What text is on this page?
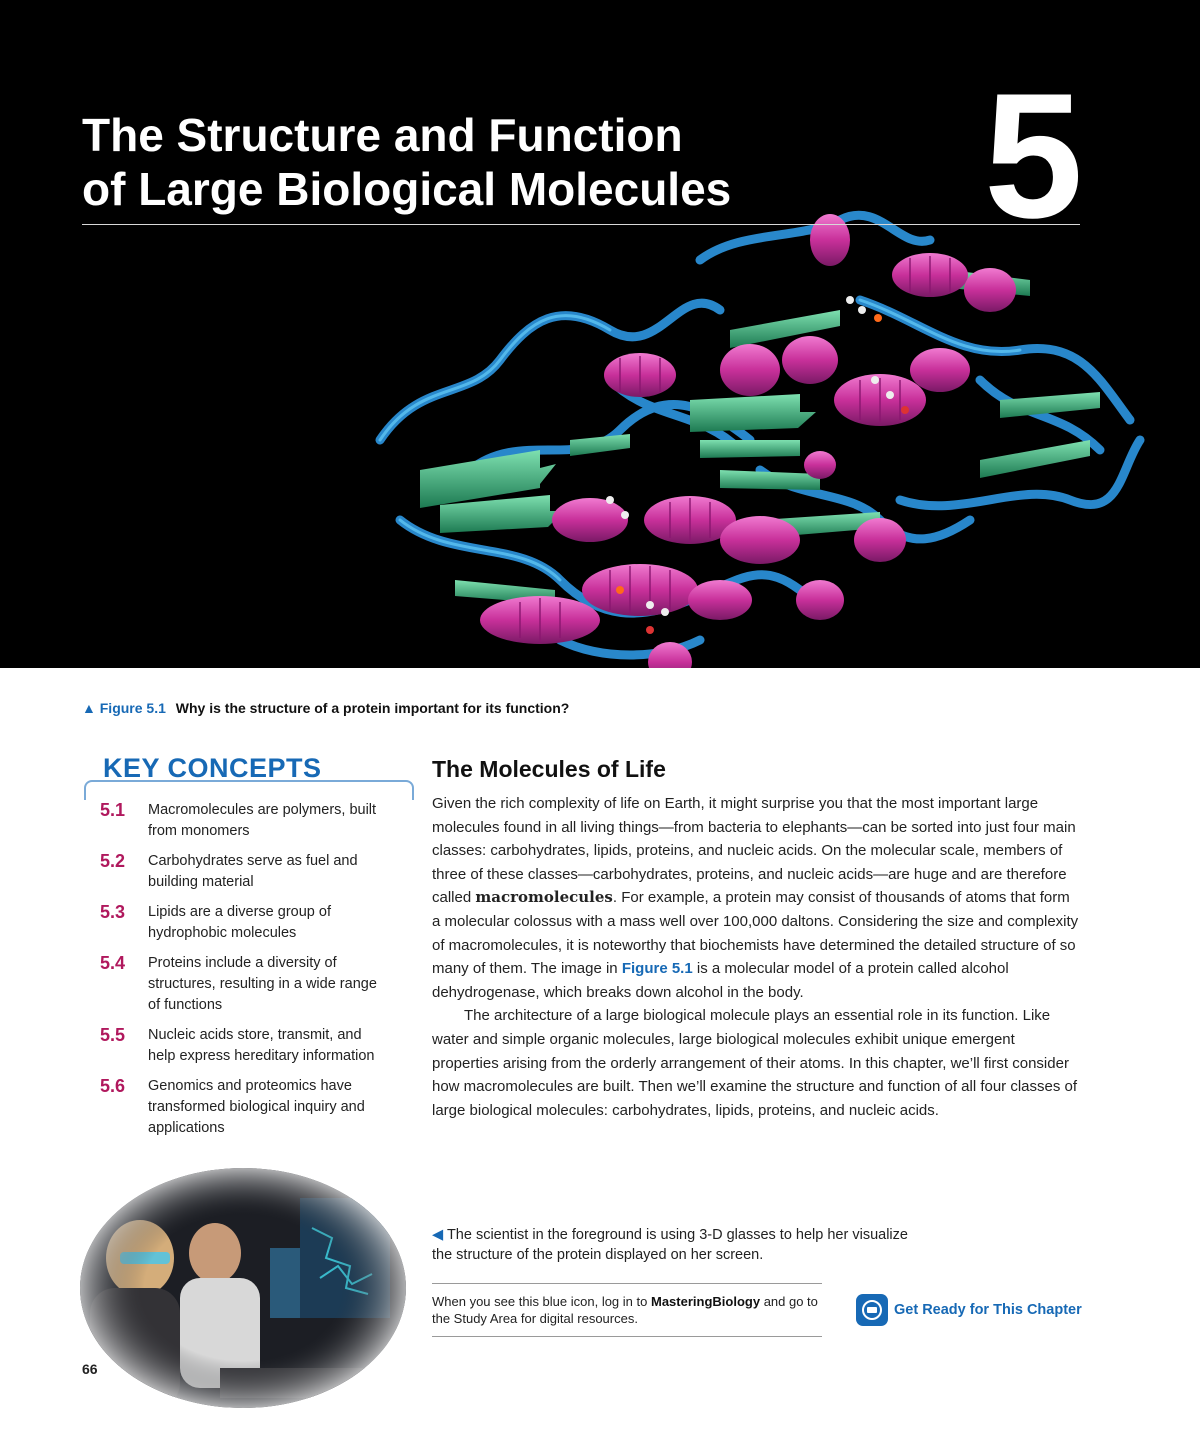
The Structure and Function
of Large Biological Molecules 5
▲ Figure 5.1 Why is the structure of a protein important for its function?
KEY CONCEPTS
5.1	Macromolecules are polymers, built from monomers
5.2	Carbohydrates serve as fuel and building material
5.3	Lipids are a diverse group of hydrophobic molecules
5.4	Proteins include a diversity of structures, resulting in a wide range of functions
5.5	Nucleic acids store, transmit, and help express hereditary information
5.6	Genomics and proteomics have transformed biological inquiry and applications
66
The Molecules of Life

Given the rich complexity of life on Earth, it might surprise you that the most important large molecules found in all living things—from bacteria to elephants—can be sorted into just four main classes: carbohydrates, lipids, proteins, and nucleic acids. On the molecular scale, members of three of these classes—carbohydrates, proteins, and nucleic acids—are huge and are therefore called macromolecules. For example, a protein may consist of thousands of atoms that form a molecular colossus with a mass well over 100,000 daltons. Considering the size and complexity of macromolecules, it is noteworthy that biochemists have determined the detailed structure of so many of them. The image in Figure 5.1 is a molecular model of a protein called alcohol dehydrogenase, which breaks down alcohol in the body.

The architecture of a large biological molecule plays an essential role in its function. Like water and simple organic molecules, large biological molecules exhibit unique emergent properties arising from the orderly arrangement of their atoms. In this chapter, we’ll first consider how macromolecules are built. Then we’ll examine the structure and function of all four classes of large biological molecules: carbohydrates, lipids, proteins, and nucleic acids.

◀ The scientist in the foreground is using 3-D glasses to help her visualize the structure of the protein displayed on her screen.
When you see this blue icon, log in to MasteringBiology and go to the Study Area for digital resources.
Get Ready for This Chapter
